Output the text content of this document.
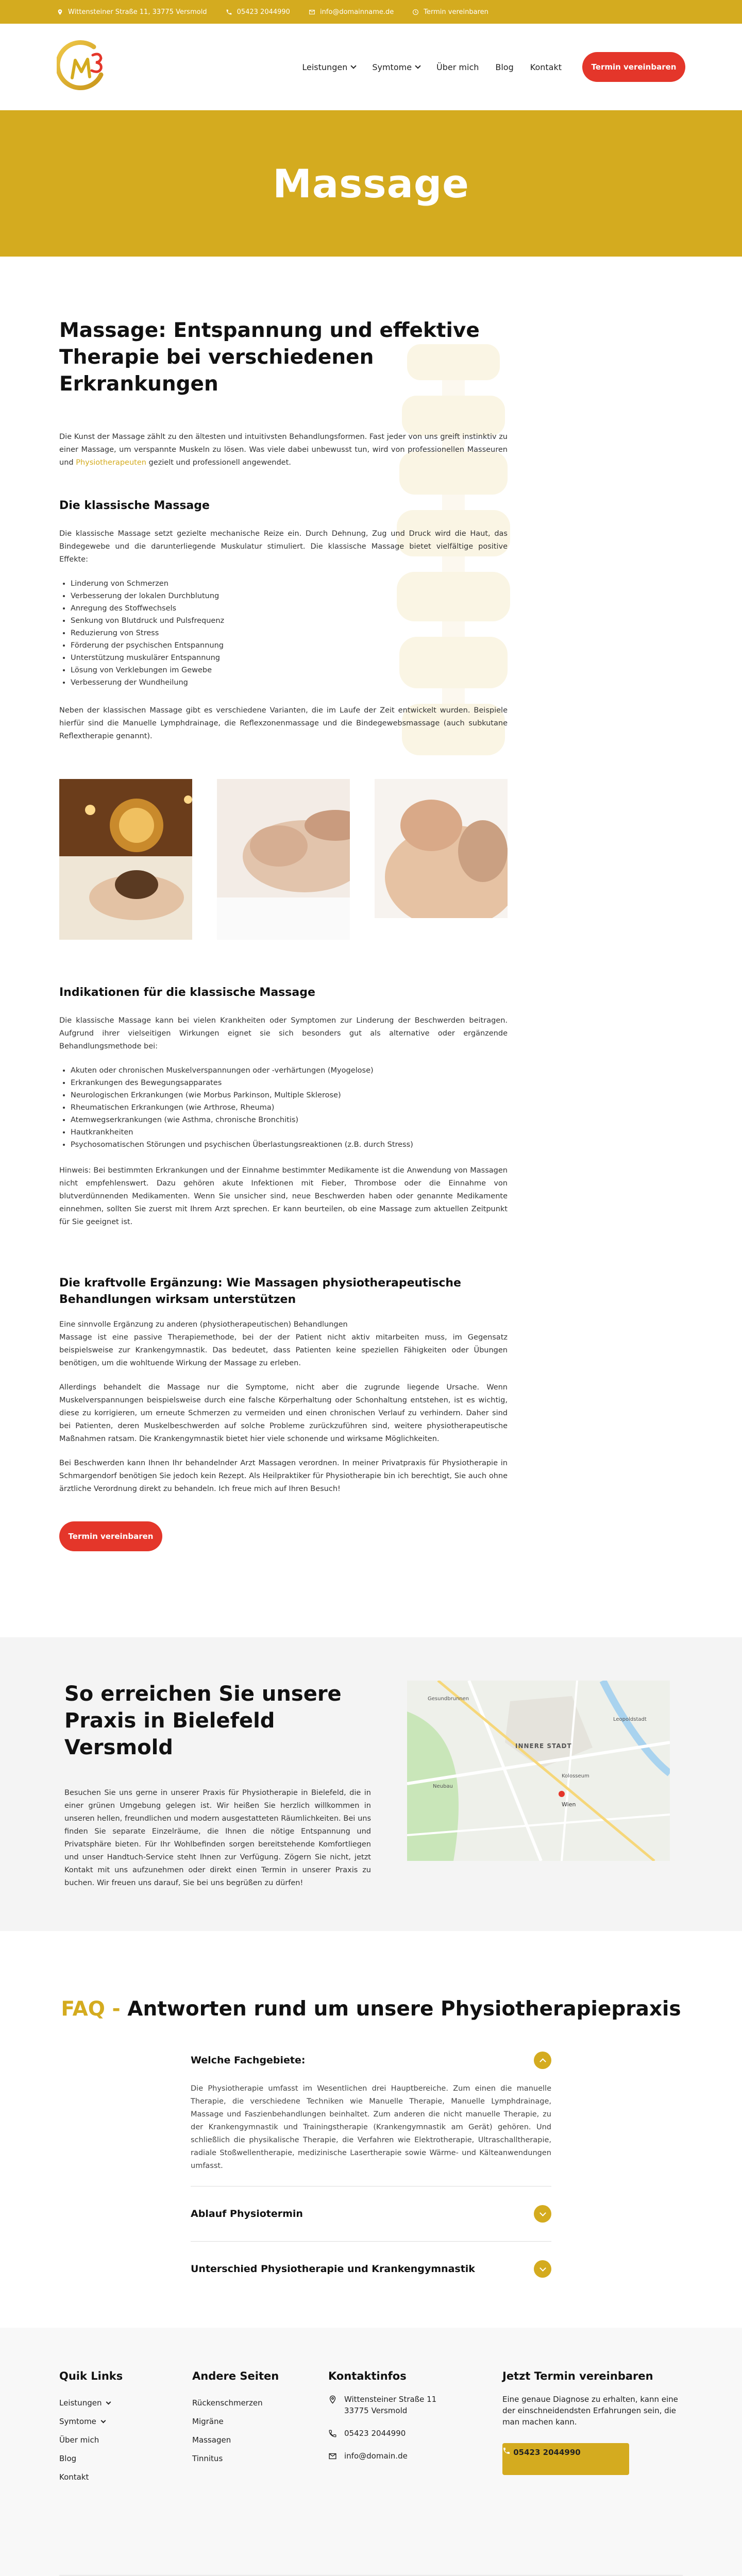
Wittensteiner Straße 11, 33775 Versmold	05423 2044990	info@domainname.de	Termin vereinbaren
Leistungen	Symtome	Über mich Blog Kontakt	Termin vereinbaren
Massage
Massage: Entspannung und effektive Therapie bei verschiedenen Erkrankungen

Die Kunst der Massage zählt zu den ältesten und intuitivsten Behandlungsformen. Fast jeder von uns greift instinktiv zu einer Massage, um verspannte Muskeln zu lösen. Was viele dabei unbewusst tun, wird von professionellen Masseuren und Physiotherapeuten gezielt und professionell angewendet.

Die klassische Massage

Die klassische Massage setzt gezielte mechanische Reize ein. Durch Dehnung, Zug und Druck wird die Haut, das Bindegewebe und die darunterliegende Muskulatur stimuliert. Die klassische Massage bietet vielfältige positive Effekte:

• Linderung von Schmerzen
• Verbesserung der lokalen Durchblutung
• Anregung des Stoffwechsels
• Senkung von Blutdruck und Pulsfrequenz
• Reduzierung von Stress
• Förderung der psychischen Entspannung
• Unterstützung muskulärer Entspannung
• Lösung von Verklebungen im Gewebe
• Verbesserung der Wundheilung

Neben der klassischen Massage gibt es verschiedene Varianten, die im Laufe der Zeit entwickelt wurden. Beispiele hierfür sind die Manuelle Lymphdrainage, die Reflexzonenmassage und die Bindegewebsmassage (auch subkutane Reflextherapie genannt).

Indikationen für die klassische Massage

Die klassische Massage kann bei vielen Krankheiten oder Symptomen zur Linderung der Beschwerden beitragen. Aufgrund ihrer vielseitigen Wirkungen eignet sie sich besonders gut als alternative oder ergänzende Behandlungsmethode bei:

• Akuten oder chronischen Muskelverspannungen oder -verhärtungen (Myogelose)
• Erkrankungen des Bewegungsapparates
• Neurologischen Erkrankungen (wie Morbus Parkinson, Multiple Sklerose)
• Rheumatischen Erkrankungen (wie Arthrose, Rheuma)
• Atemwegserkrankungen (wie Asthma, chronische Bronchitis)
• Hautkrankheiten
• Psychosomatischen Störungen und psychischen Überlastungsreaktionen (z.B. durch Stress)

Hinweis: Bei bestimmten Erkrankungen und der Einnahme bestimmter Medikamente ist die Anwendung von Massagen nicht empfehlenswert. Dazu gehören akute Infektionen mit Fieber, Thrombose oder die Einnahme von blutverdünnenden Medikamenten. Wenn Sie unsicher sind, neue Beschwerden haben oder genannte Medikamente einnehmen, sollten Sie zuerst mit Ihrem Arzt sprechen. Er kann beurteilen, ob eine Massage zum aktuellen Zeitpunkt für Sie geeignet ist.

Die kraftvolle Ergänzung: Wie Massagen physiotherapeutische Behandlungen wirksam unterstützen

Eine sinnvolle Ergänzung zu anderen (physiotherapeutischen) Behandlungen
Massage ist eine passive Therapiemethode, bei der der Patient nicht aktiv mitarbeiten muss, im Gegensatz beispielsweise zur Krankengymnastik. Das bedeutet, dass Patienten keine speziellen Fähigkeiten oder Übungen benötigen, um die wohltuende Wirkung der Massage zu erleben.

Allerdings behandelt die Massage nur die Symptome, nicht aber die zugrunde liegende Ursache. Wenn Muskelverspannungen beispielsweise durch eine falsche Körperhaltung oder Schonhaltung entstehen, ist es wichtig, diese zu korrigieren, um erneute Schmerzen zu vermeiden und einen chronischen Verlauf zu verhindern. Daher sind bei Patienten, deren Muskelbeschwerden auf solche Probleme zurückzuführen sind, weitere physiotherapeutische Maßnahmen ratsam. Die Krankengymnastik bietet hier viele schonende und wirksame Möglichkeiten.

Bei Beschwerden kann Ihnen Ihr behandelnder Arzt Massagen verordnen. In meiner Privatpraxis für Physiotherapie in Schmargendorf benötigen Sie jedoch kein Rezept. Als Heilpraktiker für Physiotherapie bin ich berechtigt, Sie auch ohne ärztliche Verordnung direkt zu behandeln. Ich freue mich auf Ihren Besuch!

Termin vereinbaren
So erreichen Sie unsere Praxis in Bielefeld Versmold

Besuchen Sie uns gerne in unserer Praxis für Physiotherapie in Bielefeld, die in einer grünen Umgebung gelegen ist. Wir heißen Sie herzlich willkommen in unseren hellen, freundlichen und modern ausgestatteten Räumlichkeiten. Bei uns finden Sie separate Einzelräume, die Ihnen die nötige Entspannung und Privatsphäre bieten. Für Ihr Wohlbefinden sorgen bereitstehende Komfortliegen und unser Handtuch-Service steht Ihnen zur Verfügung. Zögern Sie nicht, jetzt Kontakt mit uns aufzunehmen oder direkt einen Termin in unserer Praxis zu buchen. Wir freuen uns darauf, Sie bei uns begrüßen zu dürfen!

Gesundbrunnen
INNERE STADT
Kolosseum
Leopoldstadt
Neubau
Wien
FAQ - Antworten rund um unsere Physiotherapiepraxis
Welche Fachgebiete:

Die Physiotherapie umfasst im Wesentlichen drei Hauptbereiche. Zum einen die manuelle Therapie, die verschiedene Techniken wie Manuelle Therapie, Manuelle Lymphdrainage, Massage und Faszienbehandlungen beinhaltet. Zum anderen die nicht manuelle Therapie, zu der Krankengymnastik und Trainingstherapie (Krankengymnastik am Gerät) gehören. Und schließlich die physikalische Therapie, die Verfahren wie Elektrotherapie, Ultraschalltherapie, radiale Stoßwellentherapie, medizinische Lasertherapie sowie Wärme- und Kälteanwendungen umfasst.

Ablauf Physiotermin
Unterschied Physiotherapie und Krankengymnastik
Quik Links
Leistungen
Symtome
Über mich
Blog
Kontakt
Andere Seiten
Rückenschmerzen
Migräne
Massagen
Tinnitus
Kontaktinfos
Wittensteiner Straße 11 33775 Versmold
05423 2044990
info@domain.de
Jetzt Termin vereinbaren

Eine genaue Diagnose zu erhalten, kann eine der einschneidendsten Erfahrungen sein, die man machen kann.

05423 2044990
